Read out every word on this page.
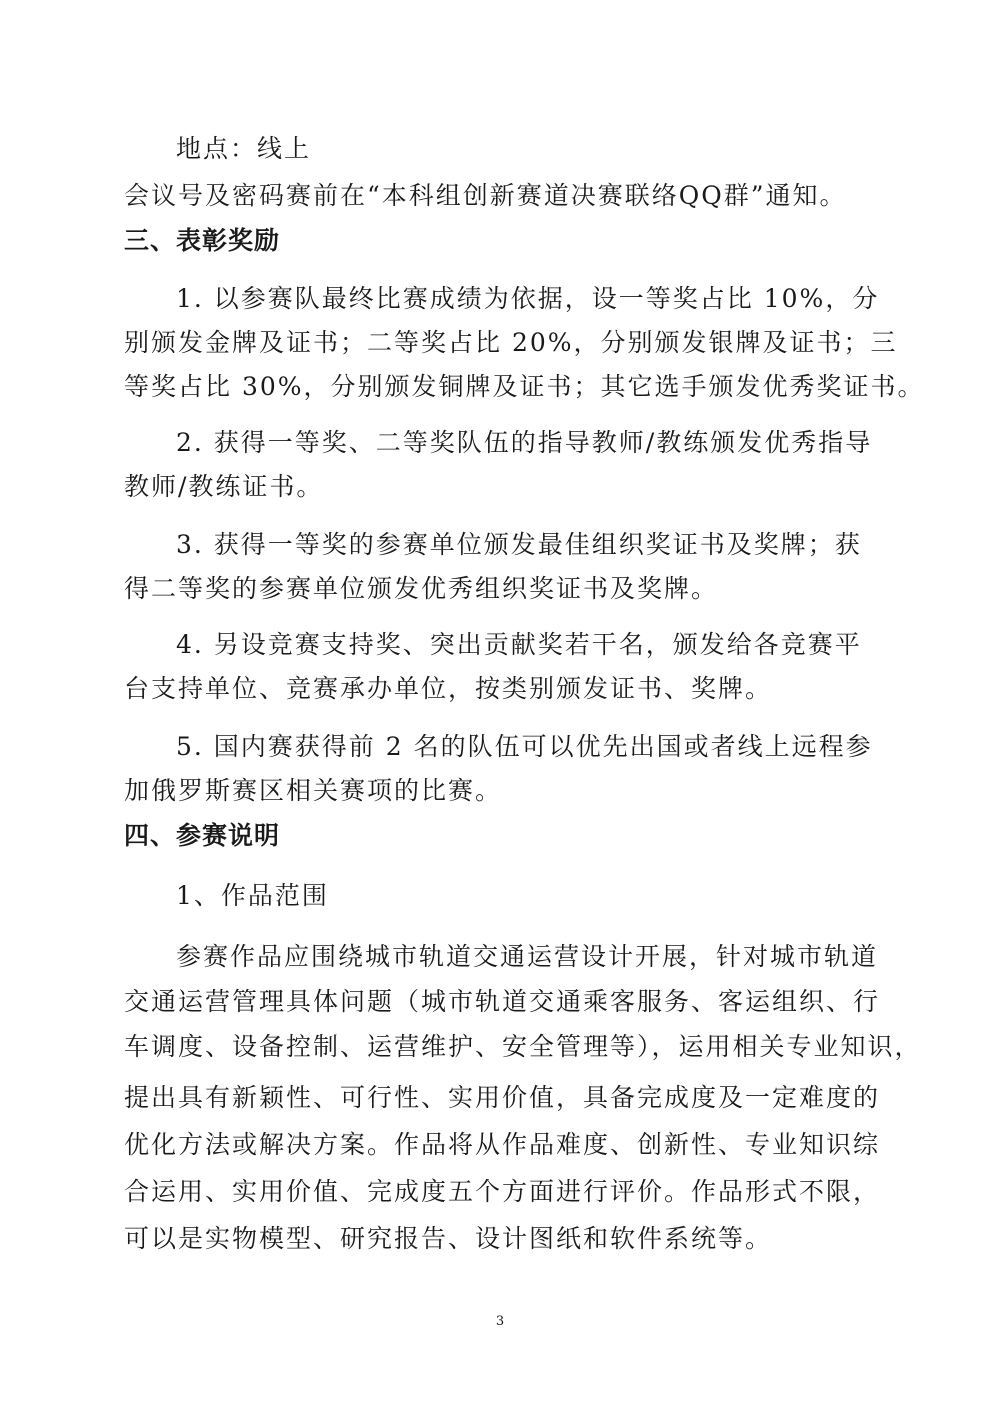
地点：线上
会议号及密码赛前在“本科组创新赛道决赛联络QQ群”通知。
三、表彰奖励
1. 以参赛队最终比赛成绩为依据，设一等奖占比 10%，分
别颁发金牌及证书；二等奖占比 20%，分别颁发银牌及证书；三
等奖占比 30%，分别颁发铜牌及证书；其它选手颁发优秀奖证书。
2. 获得一等奖、二等奖队伍的指导教师/教练颁发优秀指导
教师/教练证书。
3. 获得一等奖的参赛单位颁发最佳组织奖证书及奖牌；获
得二等奖的参赛单位颁发优秀组织奖证书及奖牌。
4. 另设竞赛支持奖、突出贡献奖若干名，颁发给各竞赛平
台支持单位、竞赛承办单位，按类别颁发证书、奖牌。
5. 国内赛获得前 2 名的队伍可以优先出国或者线上远程参
加俄罗斯赛区相关赛项的比赛。
四、参赛说明
1、作品范围
参赛作品应围绕城市轨道交通运营设计开展，针对城市轨道
交通运营管理具体问题（城市轨道交通乘客服务、客运组织、行
车调度、设备控制、运营维护、安全管理等），运用相关专业知识，
提出具有新颖性、可行性、实用价值，具备完成度及一定难度的
优化方法或解决方案。作品将从作品难度、创新性、专业知识综
合运用、实用价值、完成度五个方面进行评价。作品形式不限，
可以是实物模型、研究报告、设计图纸和软件系统等。
3
